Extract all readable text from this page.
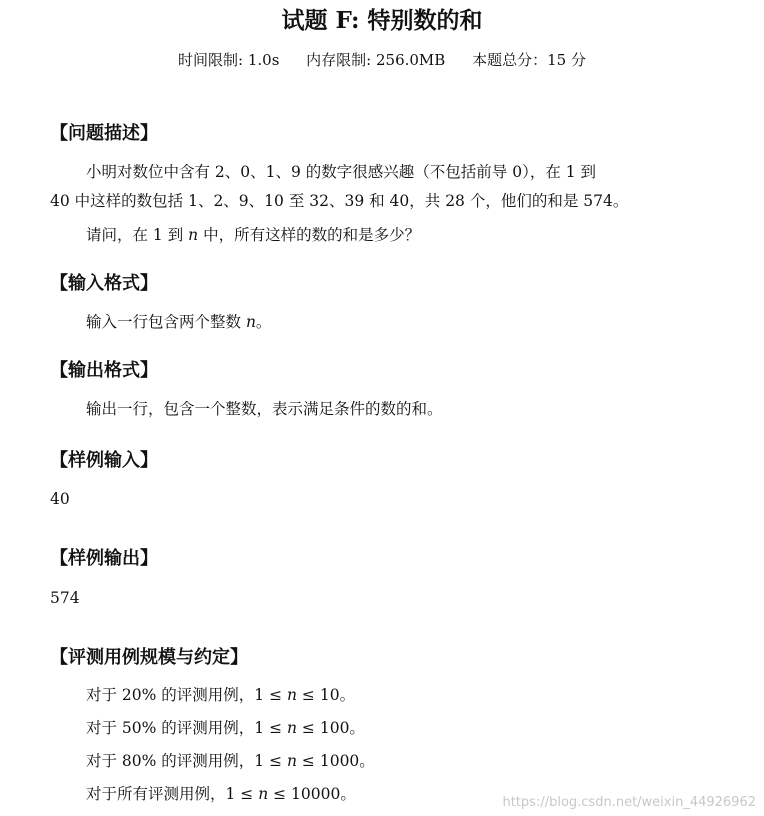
试题 F: 特别数的和
时间限制: 1.0s 内存限制: 256.0MB 本题总分：15 分
【问题描述】
小明对数位中含有 2、0、1、9 的数字很感兴趣（不包括前导 0），在 1 到
40 中这样的数包括 1、2、9、10 至 32、39 和 40，共 28 个，他们的和是 574。
请问，在 1 到 n 中，所有这样的数的和是多少？
【输入格式】
输入一行包含两个整数 n。
【输出格式】
输出一行，包含一个整数，表示满足条件的数的和。
【样例输入】
40
【样例输出】
574
【评测用例规模与约定】
对于 20% 的评测用例，1 ≤ n ≤ 10。
对于 50% 的评测用例，1 ≤ n ≤ 100。
对于 80% 的评测用例，1 ≤ n ≤ 1000。
对于所有评测用例，1 ≤ n ≤ 10000。	https://blog.csdn.net/weixin_44926962
